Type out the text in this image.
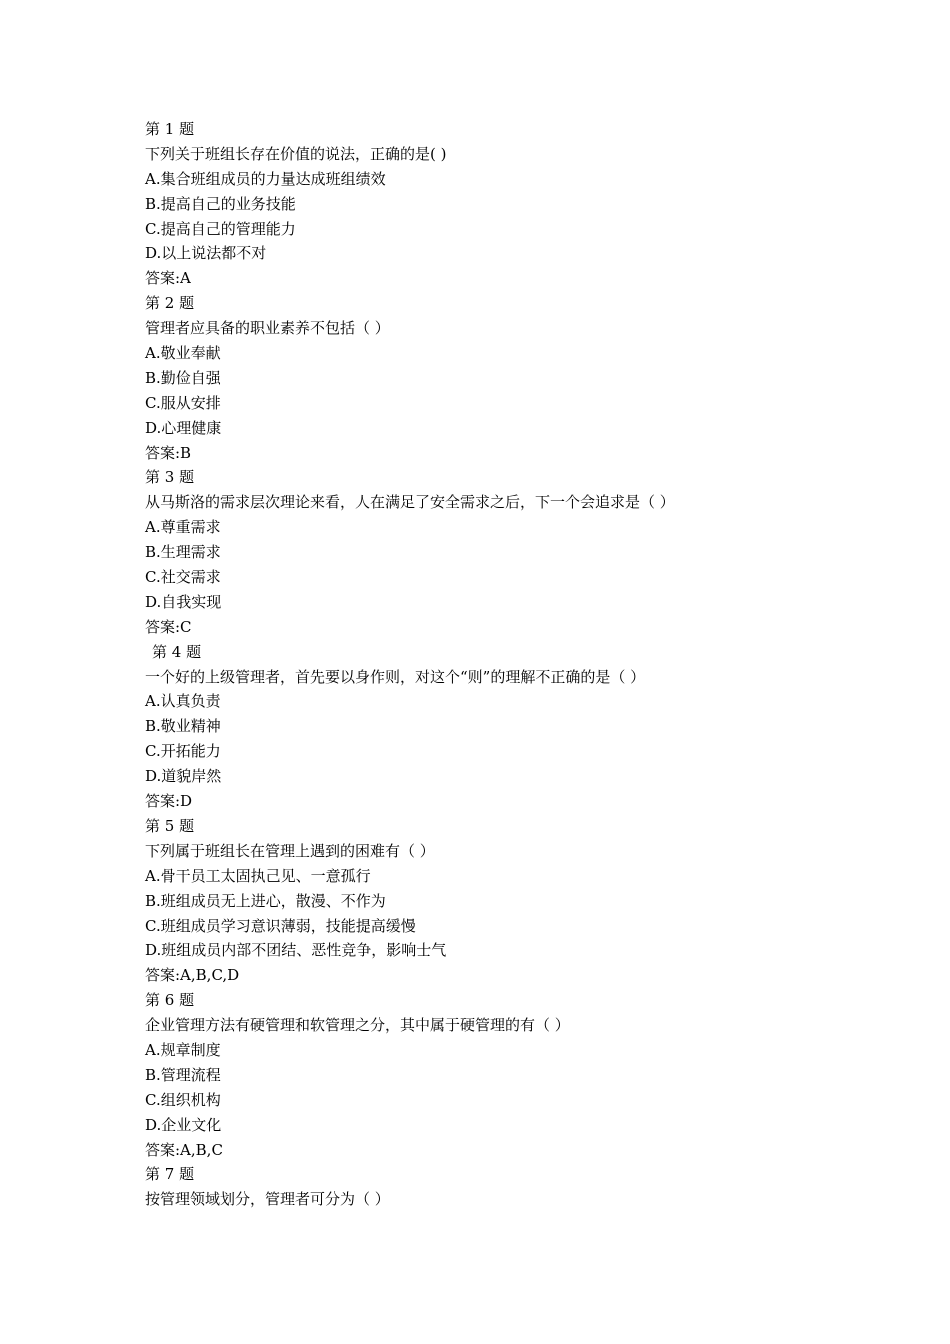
第 1 题
下列关于班组长存在价值的说法，正确的是( )
A.集合班组成员的力量达成班组绩效
B.提高自己的业务技能
C.提高自己的管理能力
D.以上说法都不对
答案:A
第 2 题
管理者应具备的职业素养不包括（ ）
A.敬业奉献
B.勤俭自强
C.服从安排
D.心理健康
答案:B
第 3 题
从马斯洛的需求层次理论来看，人在满足了安全需求之后，下一个会追求是（ ）
A.尊重需求
B.生理需求
C.社交需求
D.自我实现
答案:C
第 4 题
一个好的上级管理者，首先要以身作则，对这个“则”的理解不正确的是（ ）
A.认真负责
B.敬业精神
C.开拓能力
D.道貌岸然
答案:D
第 5 题
下列属于班组长在管理上遇到的困难有（ ）
A.骨干员工太固执己见、一意孤行
B.班组成员无上进心，散漫、不作为
C.班组成员学习意识薄弱，技能提高缓慢
D.班组成员内部不团结、恶性竞争，影响士气
答案:A,B,C,D
第 6 题
企业管理方法有硬管理和软管理之分，其中属于硬管理的有（ ）
A.规章制度
B.管理流程
C.组织机构
D.企业文化
答案:A,B,C
第 7 题
按管理领域划分，管理者可分为（ ）
